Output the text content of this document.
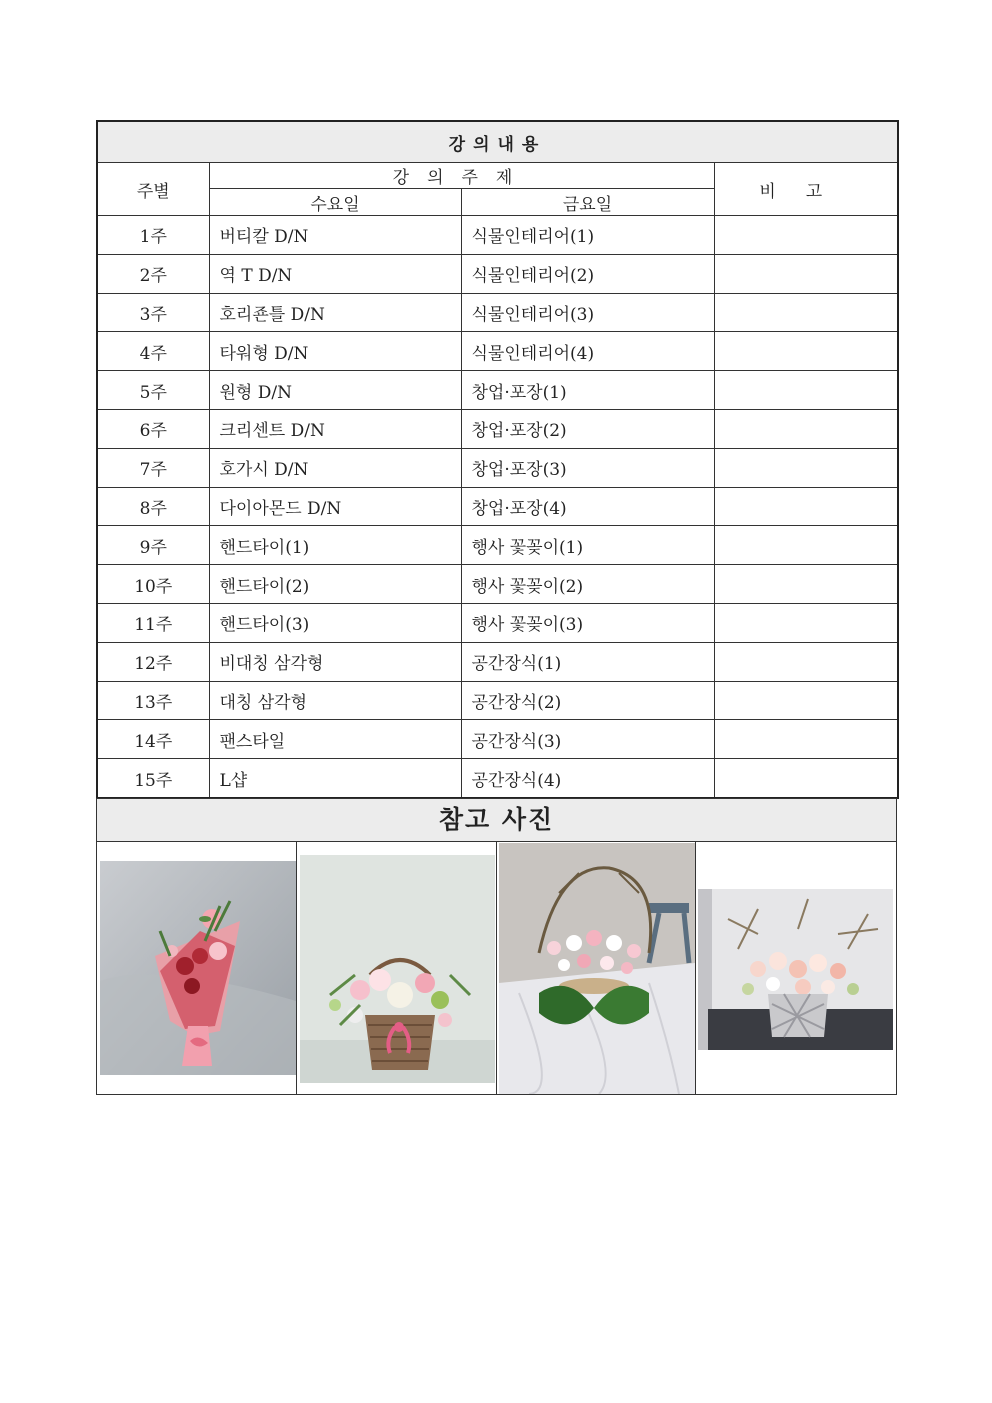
강의내용			
주별	강의주제		비고
	수요일	금요일	
1주	버티칼 D/N	식물인테리어(1)	
2주	역 T D/N	식물인테리어(2)	
3주	호리죤틀 D/N	식물인테리어(3)	
4주	타워형 D/N	식물인테리어(4)	
5주	원형 D/N	창업·포장(1)	
6주	크리센트 D/N	창업·포장(2)	
7주	호가시 D/N	창업·포장(3)	
8주	다이아몬드 D/N	창업·포장(4)	
9주	핸드타이(1)	행사 꽃꽂이(1)	
10주	핸드타이(2)	행사 꽃꽂이(2)	
11주	핸드타이(3)	행사 꽃꽂이(3)	
12주	비대칭 삼각형	공간장식(1)	
13주	대칭 삼각형	공간장식(2)	
14주	팬스타일	공간장식(3)	
15주	L샵	공간장식(4)	
참고 사진
